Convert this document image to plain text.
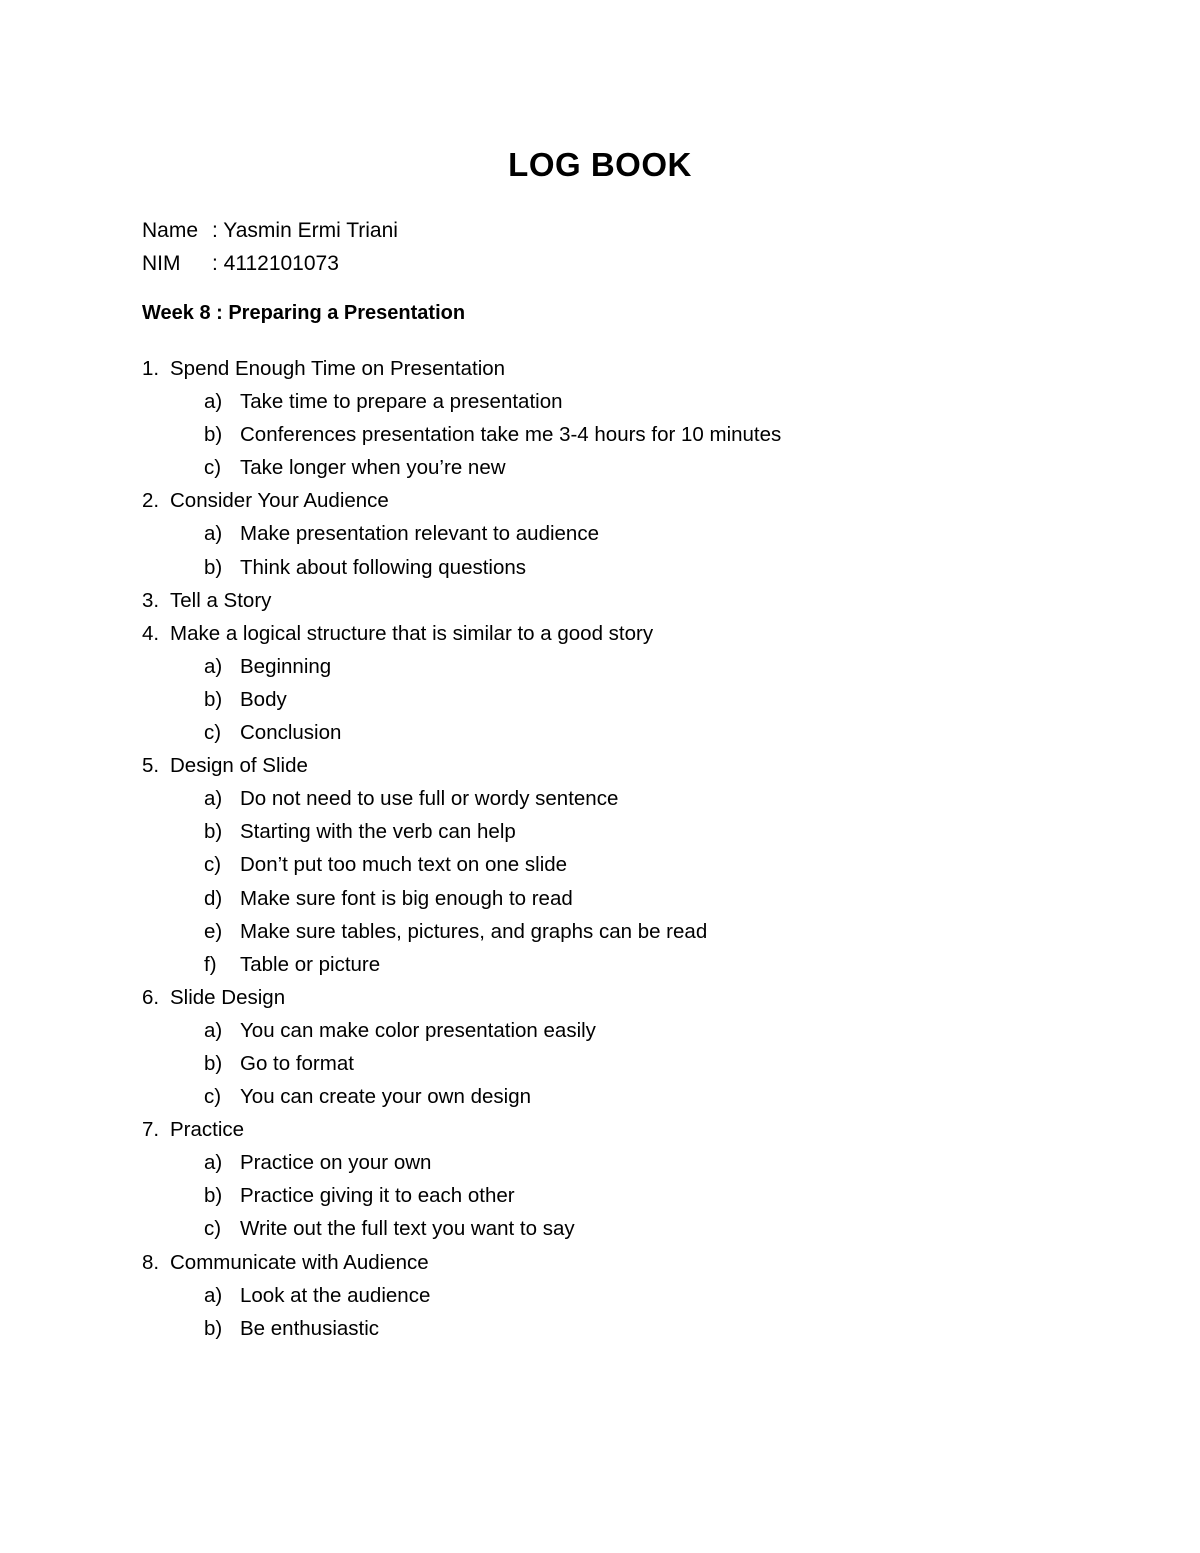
LOG BOOK
Name : Yasmin Ermi Triani
NIM	: 4112101073
Week 8 : Preparing a Presentation
1. Spend Enough Time on Presentation
a) Take time to prepare a presentation
b) Conferences presentation take me 3-4 hours for 10 minutes
c) Take longer when you’re new
2. Consider Your Audience
a) Make presentation relevant to audience
b) Think about following questions
3. Tell a Story
4. Make a logical structure that is similar to a good story
a) Beginning
b) Body
c) Conclusion
5. Design of Slide
a) Do not need to use full or wordy sentence
b) Starting with the verb can help
c) Don’t put too much text on one slide
d) Make sure font is big enough to read
e) Make sure tables, pictures, and graphs can be read
f)	Table or picture
6. Slide Design
a) You can make color presentation easily
b) Go to format
c) You can create your own design
7. Practice
a) Practice on your own
b) Practice giving it to each other
c) Write out the full text you want to say
8. Communicate with Audience
a) Look at the audience
b) Be enthusiastic
